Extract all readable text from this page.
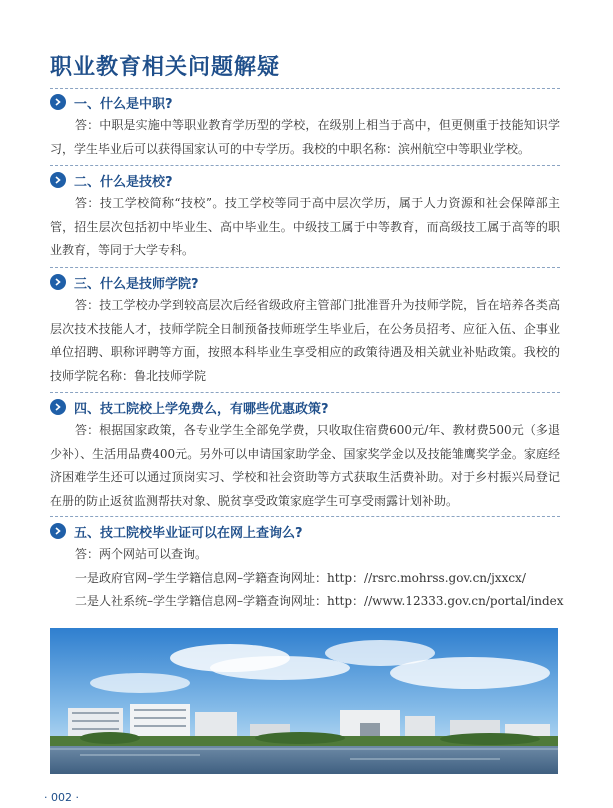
职业教育相关问题解疑
一、什么是中职?

答：中职是实施中等职业教育学历型的学校，在级别上相当于高中，但更侧重于技能知识学习，学生毕业后可以获得国家认可的中专学历。我校的中职名称：滨州航空中等职业学校。

二、什么是技校?

答：技工学校简称“技校”。技工学校等同于高中层次学历，属于人力资源和社会保障部主管，招生层次包括初中毕业生、高中毕业生。中级技工属于中等教育，而高级技工属于高等的职业教育，等同于大学专科。

三、什么是技师学院?

答：技工学校办学到较高层次后经省级政府主管部门批准晋升为技师学院，旨在培养各类高层次技术技能人才，技师学院全日制预备技师班学生毕业后，在公务员招考、应征入伍、企事业单位招聘、职称评聘等方面，按照本科毕业生享受相应的政策待遇及相关就业补贴政策。我校的技师学院名称：鲁北技师学院

四、技工院校上学免费么，有哪些优惠政策?

答：根据国家政策，各专业学生全部免学费，只收取住宿费600元/年、教材费500元（多退少补）、生活用品费400元。另外可以申请国家助学金、国家奖学金以及技能雏鹰奖学金。家庭经济困难学生还可以通过顶岗实习、学校和社会资助等方式获取生活费补助。对于乡村振兴局登记在册的防止返贫监测帮扶对象、脱贫享受政策家庭学生可享受雨露计划补助。

五、技工院校毕业证可以在网上查询么?

答：两个网站可以查询。

一是政府官网–学生学籍信息网–学籍查询网址：http：//rsrc.mohrss.gov.cn/jxxcx/
二是人社系统–学生学籍信息网–学籍查询网址：http：//www.12333.gov.cn/portal/index
· 002 ·
